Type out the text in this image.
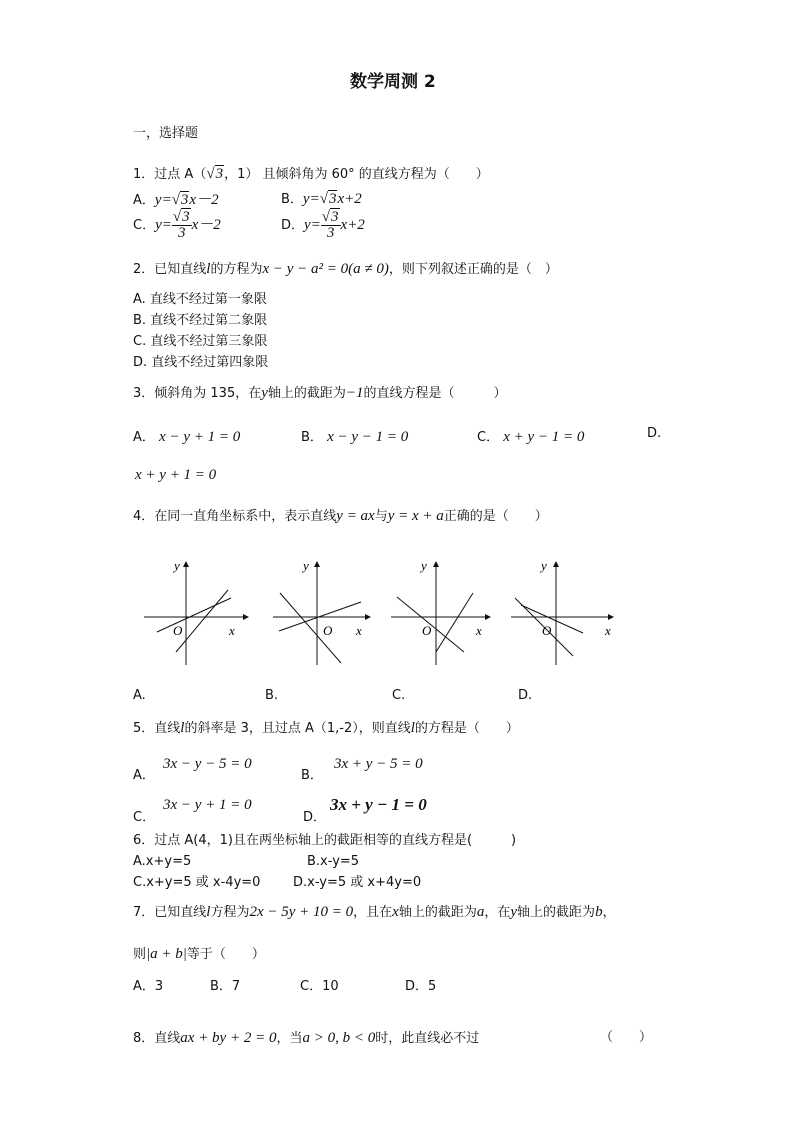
数学周测 2
一，选择题
1．过点 A（√3，1） 且倾斜角为 60° 的直线方程为（　　）
A．y=√3x－2	B．y=√3x+2
C．$y= \frac{√3}{3} x-2$	D．$y= \frac{√3}{3} x+2$
2．已知直线l的方程为x − y − a² = 0(a ≠ 0)，则下列叙述正确的是（　）
A. 直线不经过第一象限
B. 直线不经过第二象限
C. 直线不经过第三象限
D. 直线不经过第四象限
3．倾斜角为 135，在y轴上的截距为−1的直线方程是（　　　）
A． x − y + 1 = 0	B． x − y − 1 = 0	C． x + y − 1 = 0	D.
x + y + 1 = 0
4．在同一直角坐标系中，表示直线y = ax与y = x + a正确的是（　　）
y
x
O
y
x
O
y
x
O
y
x
O
A.	B.	C.	D.
5．直线l的斜率是 3，且过点 A（1,-2），则直线l的方程是（　　）
A．
3x − y − 5 = 0
B．
3x + y − 5 = 0
C．
3x − y + 1 = 0
D．
3x + y − 1 = 0
6．过点 A(4，1)且在两坐标轴上的截距相等的直线方程是(　　　)
A.x+y=5	B.x-y=5
C.x+y=5 或 x-4y=0	D.x-y=5 或 x+4y=0
7．已知直线l方程为2x − 5y + 10 = 0，且在x轴上的截距为a，在y轴上的截距为b，
则|a + b|等于（　　）
A．3	B．7	C．10	D．5
8．直线ax + by + 2 = 0，当a > 0, b < 0时，此直线必不过	（　　）
